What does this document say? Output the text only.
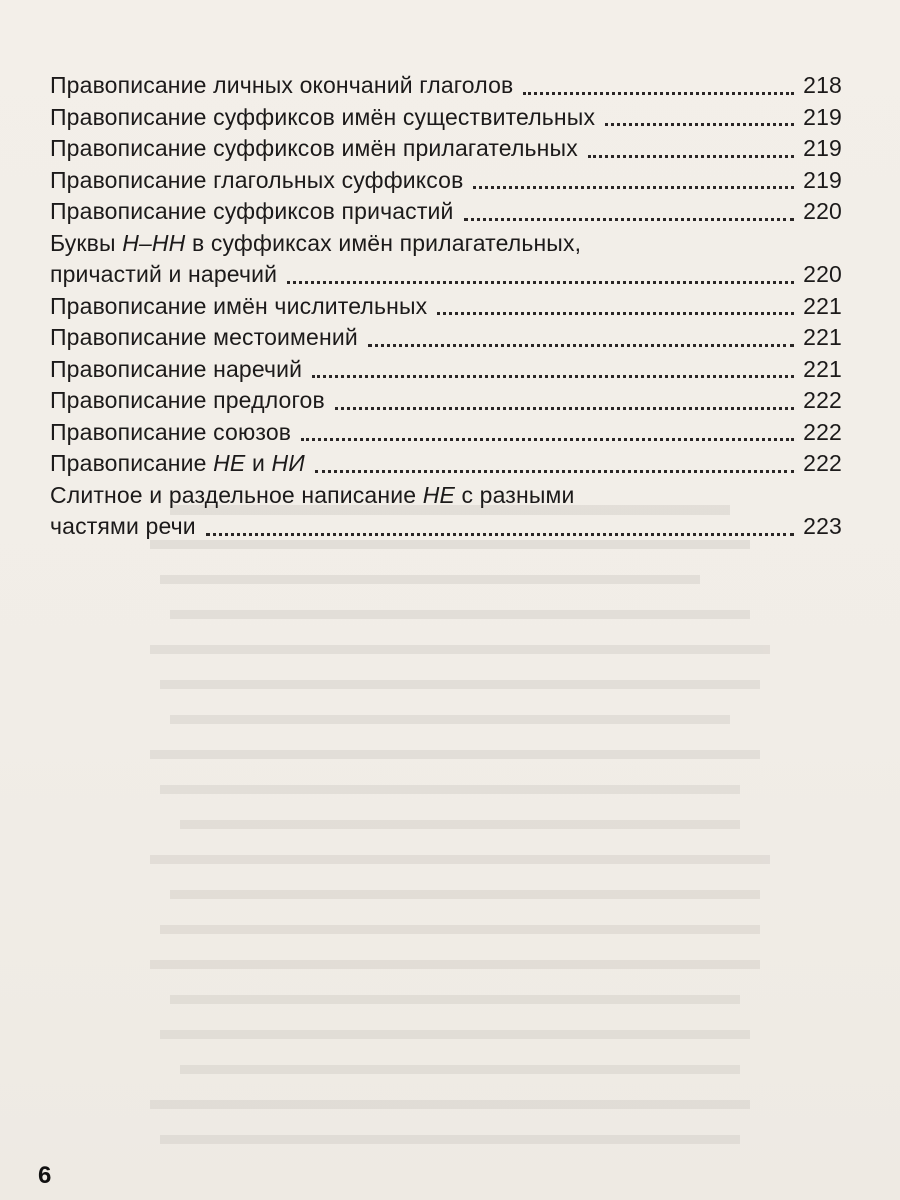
Правописание личных окончаний глаголов	218
Правописание суффиксов имён существительных	219
Правописание суффиксов имён прилагательных	219
Правописание глагольных суффиксов	219
Правописание суффиксов причастий	220
Буквы Н–НН в суффиксах имён прилагательных,
причастий и наречий	220
Правописание имён числительных	221
Правописание местоимений	221
Правописание наречий	221
Правописание предлогов	222
Правописание союзов	222
Правописание НЕ и НИ	222
Слитное и раздельное написание НЕ с разными
частями речи	223
6
